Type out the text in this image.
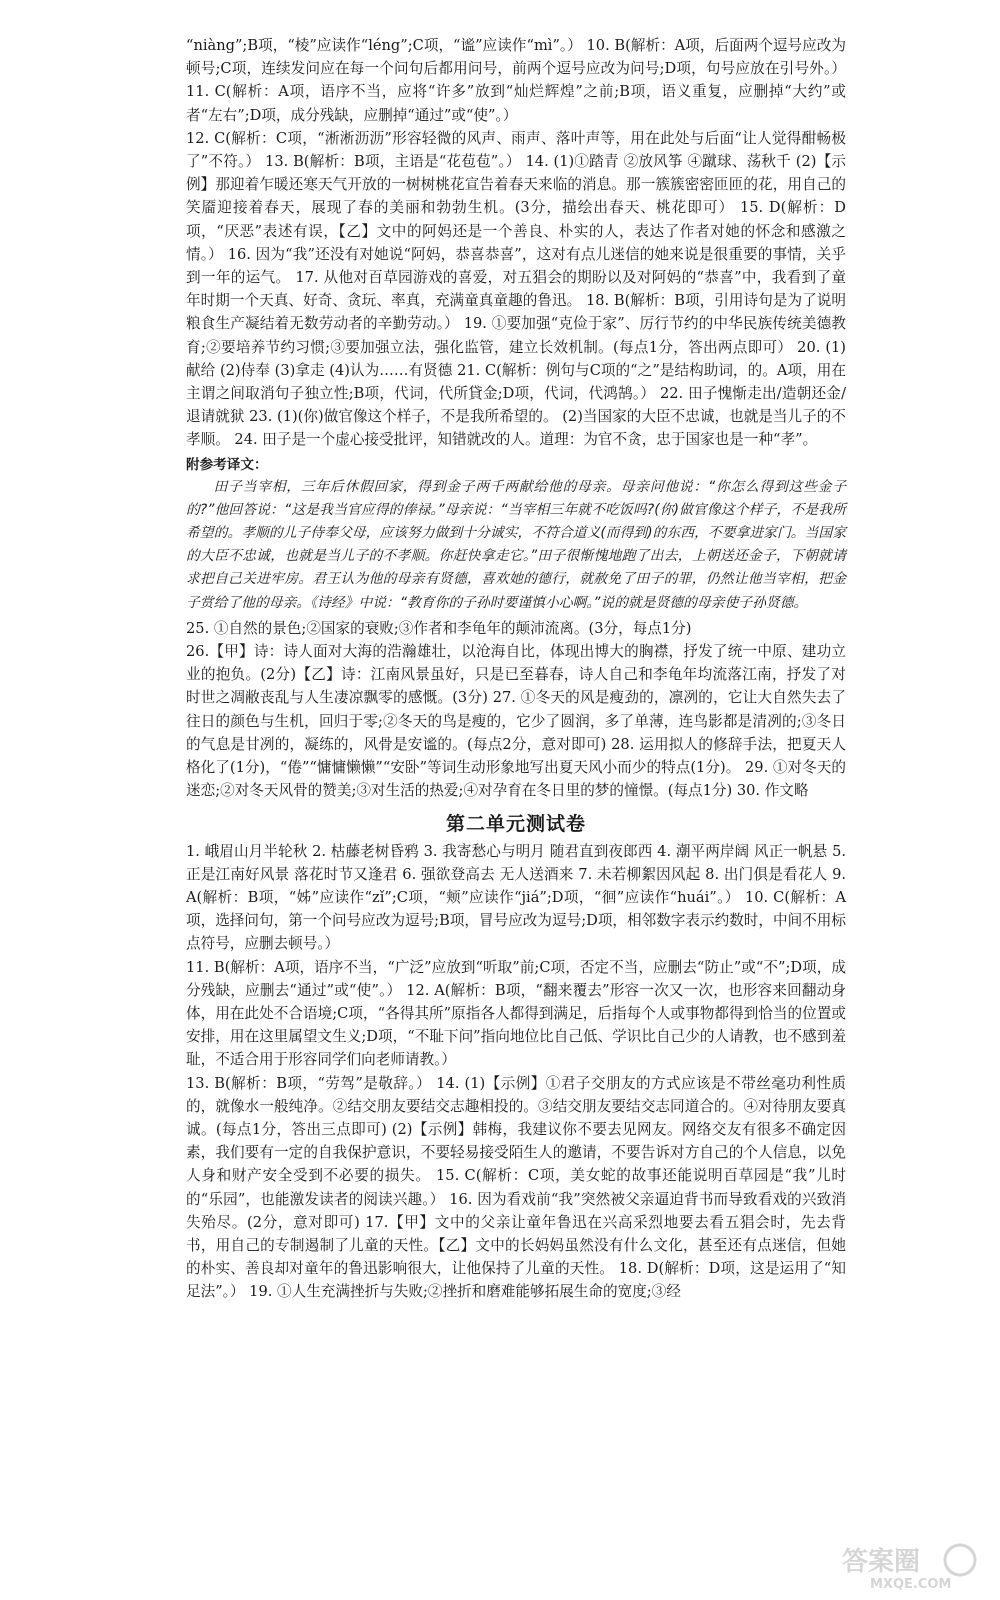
“niàng”;B项，“棱”应读作“léng”;C项，“谧”应读作“mì”。） 10. B(解析：A项，后面两个逗号应改为顿号;C项，连续发问应在每一个问句后都用问号，前两个逗号应改为问号;D项，句号应放在引号外。） 11. C(解析：A项，语序不当，应将“许多”放到“灿烂辉煌”之前;B项，语义重复，应删掉“大约”或者“左右”;D项，成分残缺，应删掉“通过”或“使”。）

12. C(解析：C项，“淅淅沥沥”形容轻微的风声、雨声、落叶声等，用在此处与后面“让人觉得酣畅极了”不符。） 13. B(解析：B项，主语是“花苞苞”。） 14. (1)①踏青 ②放风筝 ④蹴球、荡秋千 (2)【示例】那迎着乍暖还寒天气开放的一树树桃花宣告着春天来临的消息。那一簇簇密密匝匝的花，用自己的笑靥迎接着春天，展现了春的美丽和勃勃生机。(3分，描绘出春天、桃花即可） 15. D(解析：D项，“厌恶”表述有误，【乙】文中的阿妈还是一个善良、朴实的人，表达了作者对她的怀念和感激之情。） 16. 因为“我”还没有对她说“阿妈，恭喜恭喜”，这对有点儿迷信的她来说是很重要的事情，关乎到一年的运气。 17. 从他对百草园游戏的喜爱，对五猖会的期盼以及对阿妈的“恭喜”中，我看到了童年时期一个天真、好奇、贪玩、率真，充满童真童趣的鲁迅。 18. B(解析：B项，引用诗句是为了说明粮食生产凝结着无数劳动者的辛勤劳动。） 19. ①要加强“克俭于家”、厉行节约的中华民族传统美德教育;②要培养节约习惯;③要加强立法，强化监管，建立长效机制。(每点1分，答出两点即可） 20. (1)献给 (2)侍奉 (3)拿走 (4)认为……有贤德 21. C(解析：例句与C项的“之”是结构助词，的。A项，用在主谓之间取消句子独立性;B项，代词，代所貸金;D项，代词，代鸿鹄。） 22. 田子愧惭走出/造朝还金/退请就狱 23. (1)(你)做官像这个样子，不是我所希望的。 (2)当国家的大臣不忠诚，也就是当儿子的不孝顺。 24. 田子是一个虚心接受批评，知错就改的人。道理：为官不贪，忠于国家也是一种“孝”。

附参考译文：

田子当宰相，三年后休假回家，得到金子两千两献给他的母亲。母亲问他说：“你怎么得到这些金子的?”他回答说：“这是我当官应得的俸禄。”母亲说：“当宰相三年就不吃饭吗?(你)做官像这个样子，不是我所希望的。孝顺的儿子侍奉父母，应该努力做到十分诚实，不符合道义(而得到)的东西，不要拿进家门。当国家的大臣不忠诚，也就是当儿子的不孝顺。你赶快拿走它。”田子很惭愧地跑了出去，上朝送还金子，下朝就请求把自己关进牢房。君王认为他的母亲有贤德，喜欢她的德行，就赦免了田子的罪，仍然让他当宰相，把金子赏给了他的母亲。《诗经》中说：“教育你的子孙时要谨慎小心啊。”说的就是贤德的母亲使子孙贤德。

25. ①自然的景色;②国家的衰败;③作者和李龟年的颠沛流离。(3分，每点1分)

26.【甲】诗：诗人面对大海的浩瀚雄壮，以沧海自比，体现出博大的胸襟，抒发了统一中原、建功立业的抱负。(2分)【乙】诗：江南风景虽好，只是已至暮春，诗人自己和李龟年均流落江南，抒发了对时世之凋敝丧乱与人生凄凉飘零的感慨。(3分) 27. ①冬天的风是瘦劲的，凛冽的，它让大自然失去了往日的颜色与生机，回归于零;②冬天的鸟是瘦的，它少了圆润，多了单薄，连鸟影都是清冽的;③冬日的气息是甘冽的，凝练的，风骨是安谧的。(每点2分，意对即可) 28. 运用拟人的修辞手法，把夏天人格化了(1分)，“倦”“慵慵懒懒”“安卧”等词生动形象地写出夏天风小而少的特点(1分)。 29. ①对冬天的迷恋;②对冬天风骨的赞美;③对生活的热爱;④对孕育在冬日里的梦的憧憬。(每点1分) 30. 作文略

第二单元测试卷

1. 峨眉山月半轮秋 2. 枯藤老树昏鸦 3. 我寄愁心与明月 随君直到夜郎西 4. 潮平两岸阔 风正一帆悬 5. 正是江南好风景 落花时节又逢君 6. 强欲登高去 无人送酒来 7. 未若柳絮因风起 8. 出门俱是看花人 9. A(解析：B项，“姊”应读作“zǐ”;C项，“颊”应读作“jiá”;D项，“徊”应读作“huái”。） 10. C(解析：A项，选择问句，第一个问号应改为逗号;B项，冒号应改为逗号;D项，相邻数字表示约数时，中间不用标点符号，应删去顿号。）

11. B(解析：A项，语序不当，“广泛”应放到“听取”前;C项，否定不当，应删去“防止”或“不”;D项，成分残缺，应删去“通过”或“使”。） 12. A(解析：B项，“翻来覆去”形容一次又一次，也形容来回翻动身体，用在此处不合语境;C项，“各得其所”原指各人都得到满足，后指每个人或事物都得到恰当的位置或安排，用在这里属望文生义;D项，“不耻下问”指向地位比自己低、学识比自己少的人请教，也不感到羞耻，不适合用于形容同学们向老师请教。）

13. B(解析：B项，“劳驾”是敬辞。） 14. (1)【示例】①君子交朋友的方式应该是不带丝毫功利性质的，就像水一般纯净。②结交朋友要结交志趣相投的。③结交朋友要结交志同道合的。④对待朋友要真诚。(每点1分，答出三点即可) (2)【示例】韩梅，我建议你不要去见网友。网络交友有很多不确定因素，我们要有一定的自我保护意识，不要轻易接受陌生人的邀请，不要告诉对方自己的个人信息，以免人身和财产安全受到不必要的损失。 15. C(解析：C项，美女蛇的故事还能说明百草园是“我”儿时的“乐园”，也能激发读者的阅读兴趣。） 16. 因为看戏前“我”突然被父亲逼迫背书而导致看戏的兴致消失殆尽。(2分，意对即可) 17.【甲】文中的父亲让童年鲁迅在兴高采烈地要去看五猖会时，先去背书，用自己的专制遏制了儿童的天性。【乙】文中的长妈妈虽然没有什么文化，甚至还有点迷信，但她的朴实、善良却对童年的鲁迅影响很大，让他保持了儿童的天性。 18. D(解析：D项，这是运用了“知足法”。） 19. ①人生充满挫折与失败;②挫折和磨难能够拓展生命的宽度;③经

答案圈
MXQE.COM
